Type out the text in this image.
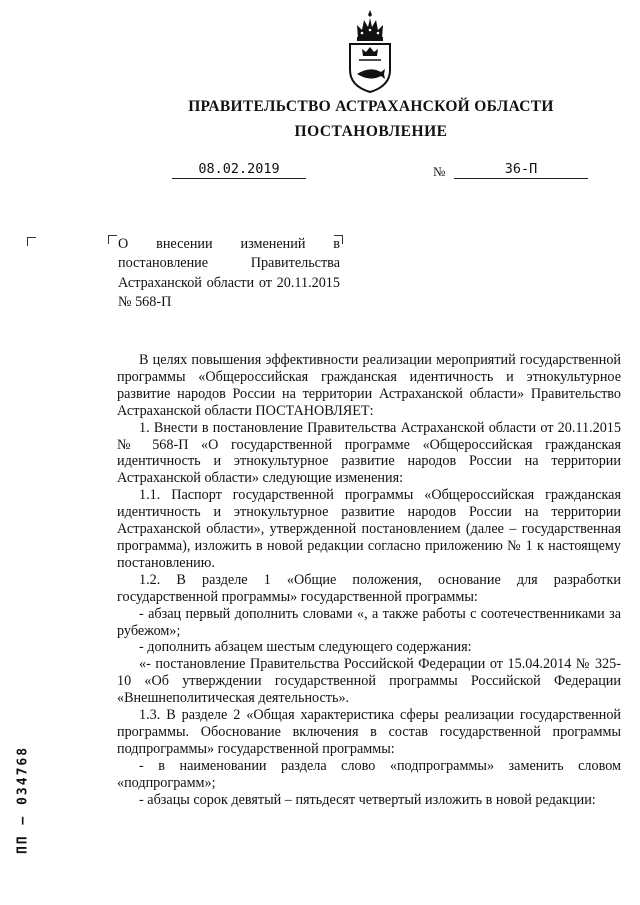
ПРАВИТЕЛЬСТВО АСТРАХАНСКОЙ ОБЛАСТИ
ПОСТАНОВЛЕНИЕ
08.02.2019	№	36-П
О внесении изменений в постановление Правительства Астраханской области от 20.11.2015 № 568-П

В целях повышения эффективности реализации мероприятий государственной программы «Общероссийская гражданская идентичность и этнокультурное развитие народов России на территории Астраханской области» Правительство Астраханской области ПОСТАНОВЛЯЕТ:

1. Внести в постановление Правительства Астраханской области от 20.11.2015 № 568-П «О государственной программе «Общероссийская гражданская идентичность и этнокультурное развитие народов России на территории Астраханской области» следующие изменения:

1.1. Паспорт государственной программы «Общероссийская гражданская идентичность и этнокультурное развитие народов России на территории Астраханской области», утвержденной постановлением (далее – государственная программа), изложить в новой редакции согласно приложению № 1 к настоящему постановлению.

1.2. В разделе 1 «Общие положения, основание для разработки государственной программы» государственной программы:

- абзац первый дополнить словами «, а также работы с соотечественниками за рубежом»;

- дополнить абзацем шестым следующего содержания:

«- постановление Правительства Российской Федерации от 15.04.2014 № 325-10 «Об утверждении государственной программы Российской Федерации «Внешнеполитическая деятельность».

1.3. В разделе 2 «Общая характеристика сферы реализации государственной программы. Обоснование включения в состав государственной программы подпрограммы» государственной программы:

- в наименовании раздела слово «подпрограммы» заменить словом «подпрограмм»;

- абзацы сорок девятый – пятьдесят четвертый изложить в новой редакции:

ПП – 034768
